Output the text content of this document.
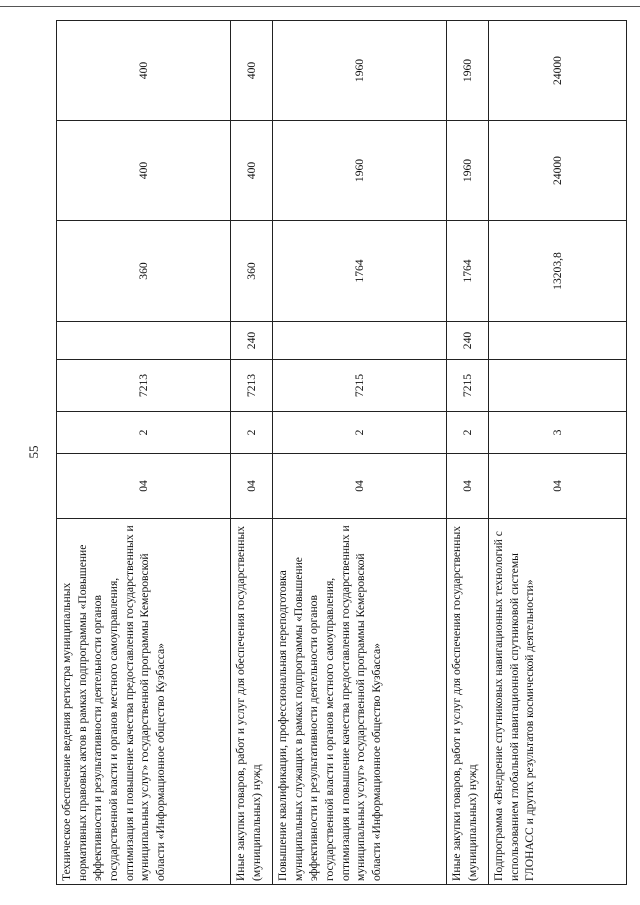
55
Техническое обеспечение ведения регистра муниципальных нормативных правовых актов в рамках подпрограммы «Повышение эффективности и результативности деятельности органов государственной власти и органов местного самоуправления, оптимизация и повышение качества предоставления государственных и муниципальных услуг» государственной программы Кемеровской области «Информационное общество Кузбасса»	04	2	7213		360	400	400
Иные закупки товаров, работ и услуг для обеспечения государственных (муниципальных) нужд	04	2	7213	240	360	400	400
Повышение квалификации, профессиональная переподготовка муниципальных служащих в рамках подпрограммы «Повышение эффективности и результативности деятельности органов государственной власти и органов местного самоуправления, оптимизация и повышение качества предоставления государственных и муниципальных услуг» государственной программы Кемеровской области «Информационное общество Кузбасса»	04	2	7215		1764	1960	1960
Иные закупки товаров, работ и услуг для обеспечения государственных (муниципальных) нужд	04	2	7215	240	1764	1960	1960
Подпрограмма «Внедрение спутниковых навигационных технологий с использованием глобальной навигационной спутниковой системы ГЛОНАСС и других результатов космической деятельности»	04	3			13203,8	24000	24000
